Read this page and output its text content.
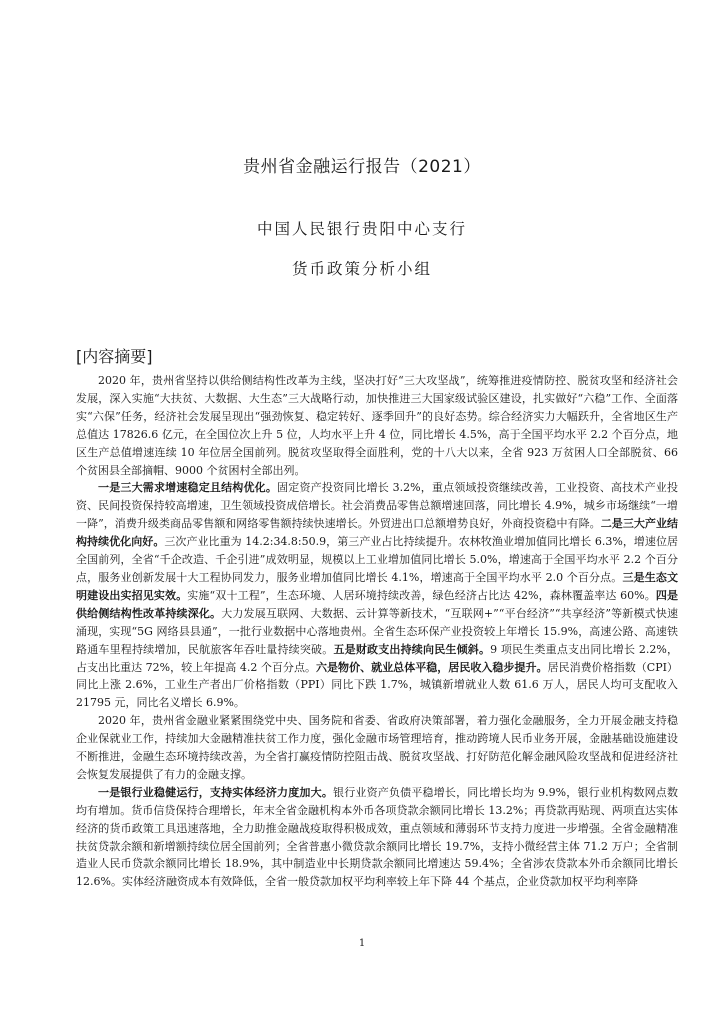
贵州省金融运行报告（2021）
中国人民银行贵阳中心支行
货币政策分析小组
[内容摘要]

2020 年，贵州省坚持以供给侧结构性改革为主线，坚决打好“三大攻坚战”，统筹推进疫情防控、脱贫攻坚和经济社会发展，深入实施“大扶贫、大数据、大生态”三大战略行动，加快推进三大国家级试验区建设，扎实做好“六稳”工作、全面落实“六保”任务，经济社会发展呈现出“强劲恢复、稳定转好、逐季回升”的良好态势。综合经济实力大幅跃升，全省地区生产总值达 17826.6 亿元，在全国位次上升 5 位，人均水平上升 4 位，同比增长 4.5%，高于全国平均水平 2.2 个百分点，地区生产总值增速连续 10 年位居全国前列。脱贫攻坚取得全面胜利，党的十八大以来，全省 923 万贫困人口全部脱贫、66 个贫困县全部摘帽、9000 个贫困村全部出列。

一是三大需求增速稳定且结构优化。固定资产投资同比增长 3.2%，重点领域投资继续改善，工业投资、高技术产业投资、民间投资保持较高增速，卫生领域投资成倍增长。社会消费品零售总额增速回落，同比增长 4.9%，城乡市场继续“一增一降”，消费升级类商品零售额和网络零售额持续快速增长。外贸进出口总额增势良好，外商投资稳中有降。二是三大产业结构持续优化向好。三次产业比重为 14.2:34.8:50.9，第三产业占比持续提升。农林牧渔业增加值同比增长 6.3%，增速位居全国前列，全省“千企改造、千企引进”成效明显，规模以上工业增加值同比增长 5.0%，增速高于全国平均水平 2.2 个百分点，服务业创新发展十大工程协同发力，服务业增加值同比增长 4.1%，增速高于全国平均水平 2.0 个百分点。三是生态文明建设出实招见实效。实施“双十工程”，生态环境、人居环境持续改善，绿色经济占比达 42%，森林覆盖率达 60%。四是供给侧结构性改革持续深化。大力发展互联网、大数据、云计算等新技术，“互联网+”“平台经济”“共享经济”等新模式快速涌现，实现“5G 网络县县通”，一批行业数据中心落地贵州。全省生态环保产业投资较上年增长 15.9%，高速公路、高速铁路通车里程持续增加，民航旅客年吞吐量持续突破。五是财政支出持续向民生倾斜。9 项民生类重点支出同比增长 2.2%，占支出比重达 72%，较上年提高 4.2 个百分点。六是物价、就业总体平稳，居民收入稳步提升。居民消费价格指数（CPI）同比上涨 2.6%，工业生产者出厂价格指数（PPI）同比下跌 1.7%，城镇新增就业人数 61.6 万人，居民人均可支配收入 21795 元，同比名义增长 6.9%。

2020 年，贵州省金融业紧紧围绕党中央、国务院和省委、省政府决策部署，着力强化金融服务，全力开展金融支持稳企业保就业工作，持续加大金融精准扶贫工作力度，强化金融市场管理培育，推动跨境人民币业务开展，金融基础设施建设不断推进，金融生态环境持续改善，为全省打赢疫情防控阻击战、脱贫攻坚战、打好防范化解金融风险攻坚战和促进经济社会恢复发展提供了有力的金融支撑。

一是银行业稳健运行，支持实体经济力度加大。银行业资产负债平稳增长，同比增长均为 9.9%，银行业机构数网点数均有增加。货币信贷保持合理增长，年末全省金融机构本外币各项贷款余额同比增长 13.2%；再贷款再贴现、两项直达实体经济的货币政策工具迅速落地，全力助推金融战疫取得积极成效，重点领域和薄弱环节支持力度进一步增强。全省金融精准扶贫贷款余额和新增额持续位居全国前列；全省普惠小微贷款余额同比增长 19.7%，支持小微经营主体 71.2 万户；全省制造业人民币贷款余额同比增长 18.9%，其中制造业中长期贷款余额同比增速达 59.4%；全省涉农贷款本外币余额同比增长 12.6%。实体经济融资成本有效降低，全省一般贷款加权平均利率较上年下降 44 个基点，企业贷款加权平均利率降

1
